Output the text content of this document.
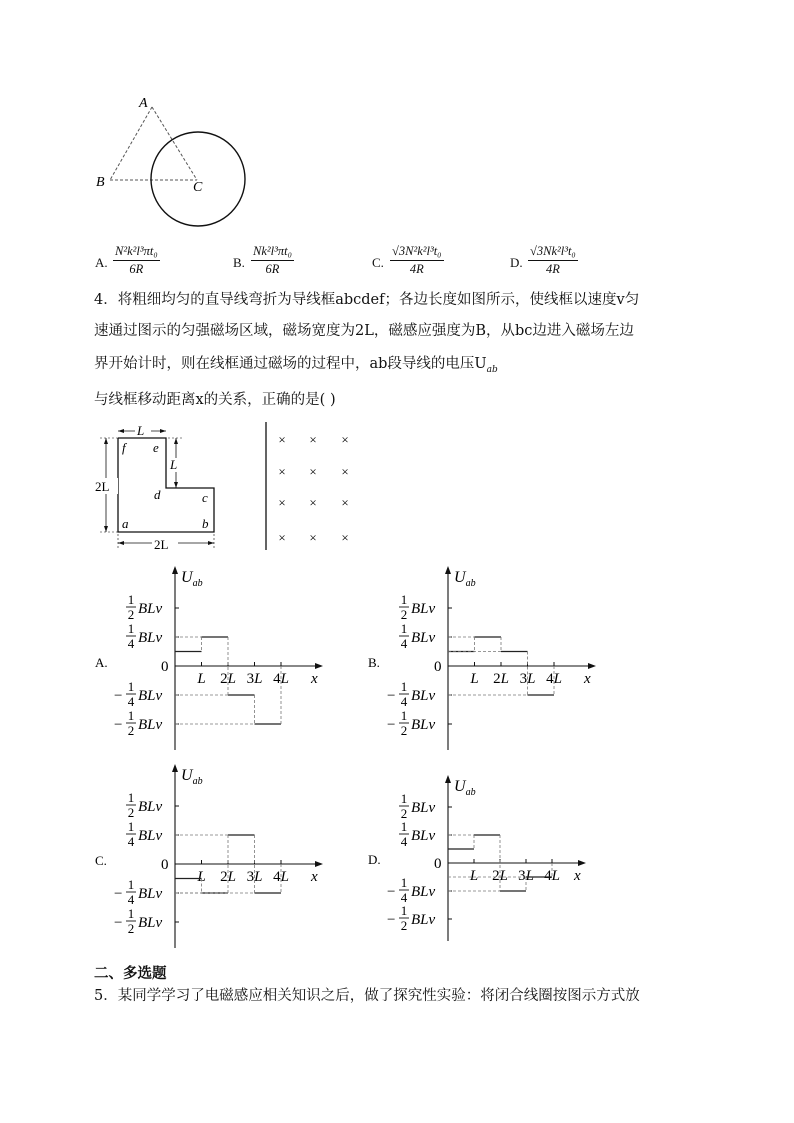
A
B	C
A. $\frac{\text{N²k²l³πt₀}}{6R}$	B. $\frac{\text{Nk²l³πt₀}}{6R}$	C. $\frac{\text{√3N²k²l³t₀}}{4R}$	D. $\frac{\text{√3Nk²l³t₀}}{4R}$
4．将粗细均匀的直导线弯折为导线框abcdef；各边长度如图所示，使线框以速度v匀
速通过图示的匀强磁场区域，磁场宽度为2L，磁感应强度为B，从bc边进入磁场左边
界开始计时，则在线框通过磁场的过程中，ab段导线的电压$U_{ab}$
与线框移动距离x的关系，正确的是( )
L
L
2L
2L
f e
d	c
a	b
× × ×
× × ×
× × ×
× × ×
$U_{ab}$
x
0
A.
L 2L 3L 4L
1
2 BLv
1
4 BLv
−
1
4 BLv
−
1
2 BLv
$U_{ab}$
x
0
B.
L 2L 3L 4L
1
2 BLv
1
4 BLv
−
1
4 BLv
−
1
2 BLv
$U_{ab}$
x
0
C.
L 2L 3L 4L
1
2 BLv
1
4 BLv
−
1
4 BLv
−
1
2 BLv
$U_{ab}$
x
0
D.
L 2L 3L 4L
1
2 BLv
1
4 BLv
−
1
4 BLv
−
1
2 BLv
二、多选题
5．某同学学习了电磁感应相关知识之后，做了探究性实验：将闭合线圈按图示方式放
